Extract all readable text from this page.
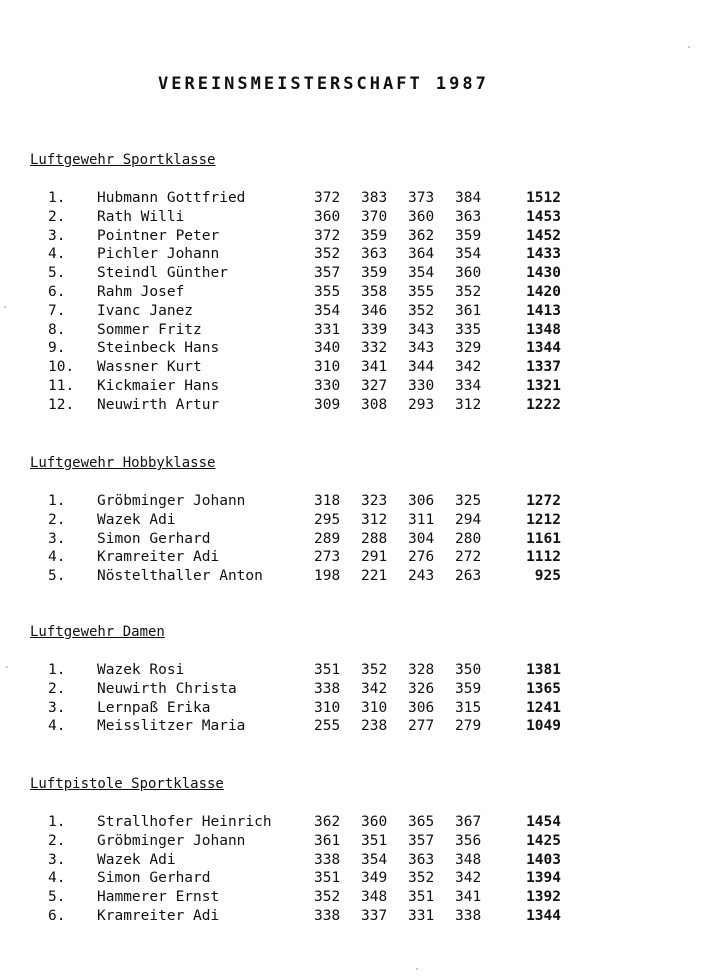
VEREINSMEISTERSCHAFT 1987
Luftgewehr Sportklasse
1. Hubmann Gottfried	372 383 373 384	1512
2. Rath Willi	360 370 360 363	1453
3. Pointner Peter	372 359 362 359	1452
4. Pichler Johann	352 363 364 354	1433
5. Steindl Günther	357 359 354 360	1430
6. Rahm Josef	355 358 355 352	1420
7. Ivanc Janez	354 346 352 361	1413
8. Sommer Fritz	331 339 343 335	1348
9. Steinbeck Hans	340 332 343 329	1344
10. Wassner Kurt	310 341 344 342	1337
11. Kickmaier Hans	330 327 330 334	1321
12. Neuwirth Artur	309 308 293 312	1222
Luftgewehr Hobbyklasse
1. Gröbminger Johann	318 323 306 325	1272
2. Wazek Adi	295 312 311 294	1212
3. Simon Gerhard	289 288 304 280	1161
4. Kramreiter Adi	273 291 276 272	1112
5. Nöstelthaller Anton	198 221 243 263	925
Luftgewehr Damen
1. Wazek Rosi	351 352 328 350	1381
2. Neuwirth Christa	338 342 326 359	1365
3. Lernpaß Erika	310 310 306 315	1241
4. Meisslitzer Maria	255 238 277 279	1049
Luftpistole Sportklasse
1. Strallhofer Heinrich	362 360 365 367	1454
2. Gröbminger Johann	361 351 357 356	1425
3. Wazek Adi	338 354 363 348	1403
4. Simon Gerhard	351 349 352 342	1394
5. Hammerer Ernst	352 348 351 341	1392
6. Kramreiter Adi	338 337 331 338	1344
